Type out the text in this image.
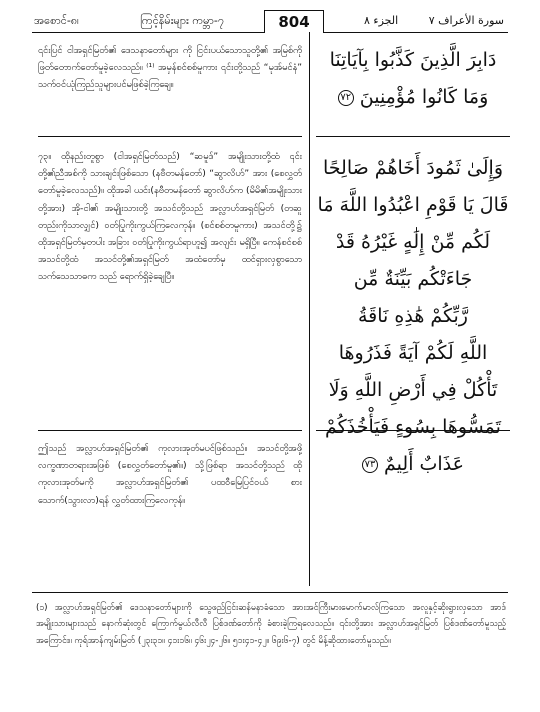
အစောင်-၈၊	ကြင့်နိမ်းများ ကမ္ဘာ-၇	804	الجزء ٨	سورة الأعراف ٧

၎င်းပြင် ငါအရှင်မြတ်၏ ဒေသနာတော်များ ကို ငြင်းပယ်သောသူတို့၏ အမြစ်ကို ဖြတ်တောက်တော်မူခဲ့လေသည်။ ⁽¹⁾ အမှန်စင်စစ်မူကား ၎င်းတို့သည် “မုအ်မင်နံ” သက်ဝင်ယုံကြည်သူများပင်မဖြစ်ခဲ့ကြချေ။

၇၃။ ထိုနည်းတူစွာ (ငါအရှင်မြတ်သည်) “ဆမူဒ်” အမျိုးသားတို့ထံ ၎င်းတို့၏ညီအစ်ကို သားချင်းဖြစ်သော (နဗီတမန်တော်) “ဆွာလိဟ်” အား (စေလွှတ်တော်မူခဲ့လေသည်)။ ထိုအခါ ယင်း(နဗီတမန်တော် ဆွာလိဟ်က (မိမိ၏အမျိုးသားတို့အား) အို-ငါ၏ အမျိုးသားတို့ အသင်တို့သည် အလ္လာဟ်အရှင်မြတ် (တဆူတည်းကိုသာလျှင်) ဝတ်ပြုကိုးကွယ်ကြလေကုန်။ (စင်စစ်တမူကား) အသင်တို့၌ ထိုအရှင်မြတ်မှတပါး အခြား ဝတ်ပြုကိုးကွယ်ရာဟူ၍ အလျင်း မရှိပြီ။ ကေန်စင်စစ် အသင်တို့ထံ အသင်တို့၏အရှင်မြတ် အထံတော်မှ ထင်ရှားလှစွာသော သက်သေသာဓက သည် ရောက်ရှိခဲ့ချေပြီ။

ဤသည် အလ္လာဟ်အရှင်မြတ်၏ ကုလားအုတ်မပင်ဖြစ်သည်။ အသင်တို့အဖို့ လက္ခဏာတရားအဖြစ် (စေလွှတ်တော်မူ၏။) သို့ဖြစ်ရာ အသင်တို့သည် ထိုကုလားအုတ်မကို အလ္လာဟ်အရှင်မြတ်၏ ပထဝီမြေပြင်ဝယ် စားသောက်(သွားလာ)ရန် လွှတ်ထားကြလေကုန်။

دَابِرَ الَّذِينَ كَذَّبُوا بِآيَاتِنَا

وَمَا كَانُوا مُؤْمِنِينَ ٧٢

وَإِلَىٰ ثَمُودَ أَخَاهُمْ صَالِحًا

قَالَ يَا قَوْمِ اعْبُدُوا اللَّهَ مَا

لَكُم مِّنْ إِلَٰهٍ غَيْرُهُ قَدْ

جَاءَتْكُم بَيِّنَةٌ مِّن

رَّبِّكُمْ هَٰذِهِ نَاقَةُ

اللَّهِ لَكُمْ آيَةً فَذَرُوهَا

تَأْكُلْ فِي أَرْضِ اللَّهِ وَلَا

تَمَسُّوهَا بِسُوءٍ فَيَأْخُذَكُمْ

عَذَابٌ أَلِيمٌ ٧٣

(၁) အလ္လာဟ်အရှင်မြတ်၏ ဒေသနာတော်များကို သွေဖည်ငြင်းဆန်မနာခံသော အားအင်ကြီးမားမောက်မာလ်ကြသော အလူနှင့်ဆိုးရွားလှသော အာဒ်အမျိုးသားများသည် နောက်ဆုံးတွင် ကြောက်မွယ်လီလီ ပြစ်ဒဏ်တော်ကို ခံစားခဲ့ကြရလေသည်။ ၎င်းတို့အား အလ္လာဟ်အရှင်မြတ် ပြစ်ဒဏ်တော်မူသည့်အကြောင်း။ ကုရ်အာန်ကျမ်းမြတ် (၂၃း၃၁။ ၄၁း၁၆။ ၄၆း၂၄-၂၆။ ၅၁း၄၁-၄၂။ ၆၉း၆-၇) တွင် မိန့်ဆိုထားတော်မူသည်။
